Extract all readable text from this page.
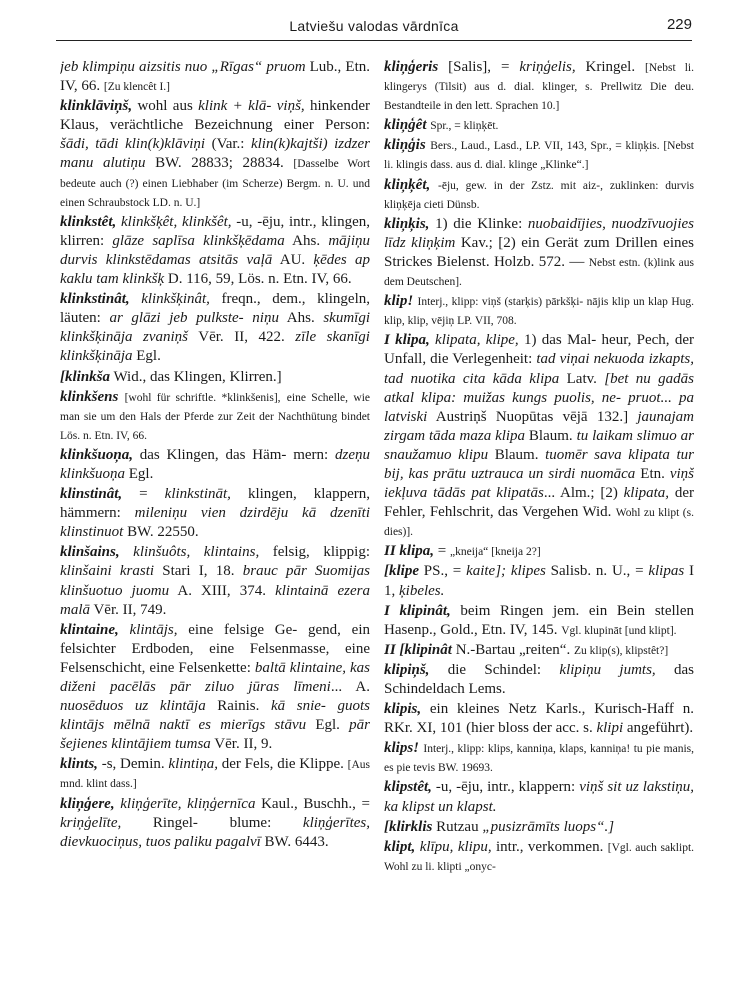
Latviešu valodas vārdnīca	229

jeb klimpiņu aizsitis nuo „Rīgas“ pruom Lub., Etn. IV, 66. [Zu klencêt I.]

klinklāviņš, wohl aus klink + klā- viņš, hinkender Klaus, verächtliche Bezeichnung einer Person: šādi, tādi klin(k)klāviņi (Var.: klin(k)kajtši) izdzer manu alutiņu BW. 28833; 28834. [Dasselbe Wort bedeute auch (?) einen Liebhaber (im Scherze) Bergm. n. U. und einen Schraubstock LD. n. U.]

klinkstêt, klinkšķêt, klinkšêt, -u, -ēju, intr., klingen, klirren: glāze saplīsa klinkšķēdama Ahs. mājiņu durvis klinkstēdamas atsitās vaļā AU. ķēdes ap kaklu tam klinkšķ D. 116, 59, Lös. n. Etn. IV, 66.

klinkstinât, klinkšķinât, freqn., dem., klingeln, läuten: ar glāzi jeb pulkste- niņu Ahs. skumīgi klinkšķināja zvaniņš Vēr. II, 422. zīle skanīgi klinkšķināja Egl.

[klinkša Wid., das Klingen, Klirren.]

klinkšens [wohl für schriftle. *klinkšenis], eine Schelle, wie man sie um den Hals der Pferde zur Zeit der Nachthütung bindet Lös. n. Etn. IV, 66.

klinkšuoņa, das Klingen, das Häm- mern: dzeņu klinkšuoņa Egl.

klinstinât, = klinkstināt, klingen, klappern, hämmern: mileniņu vien dzirdēju kā dzenīti klinstinuot BW. 22550.

klinšains, klinšuôts, klintains, felsig, klippig: klinšaini krasti Stari I, 18. brauc pār Suomijas klinšuotuo juomu A. XIII, 374. klintainā ezera malā Vēr. II, 749.

klintaine, klintājs, eine felsige Ge- gend, ein felsichter Erdboden, eine Felsenmasse, eine Felsenschicht, eine Felsenkette: baltā klintaine, kas diženi pacēlās pār ziluo jūras līmeni... A. nuosēduos uz klintāja Rainis. kā snie- guots klintājs mēlnā naktī es mierīgs stāvu Egl. pār šejienes klintājiem tumsa Vēr. II, 9.

klints, -s, Demin. klintiņa, der Fels, die Klippe. [Aus mnd. klint dass.]

kliņģere, kliņģerīte, kliņģernīca Kaul., Buschh., = kriņģelīte, Ringel- blume: kliņģerītes, dievkuociņus, tuos paliku pagalvī BW. 6443.

kliņģeris [Salis], = kriņģelis, Kringel. [Nebst li. klingerys (Tilsit) aus d. dial. klinger, s. Prellwitz Die deu. Bestandteile in den lett. Sprachen 10.]

kliņģêt Spr., = kliņķēt.

kliņģis Bers., Laud., Lasd., LP. VII, 143, Spr., = kliņķis. [Nebst li. klingis dass. aus d. dial. klinge „Klinke“.]

kliņķêt, -ēju, gew. in der Zstz. mit aiz-, zuklinken: durvis kliņķēja cieti Dünsb.

kliņķis, 1) die Klinke: nuobaidījies, nuodzīvuojies līdz kliņķim Kav.; [2) ein Gerät zum Drillen eines Strickes Bielenst. Holzb. 572. — Nebst estn. (k)link aus dem Deutschen].

klip! Interj., klipp: viņš (starķis) pārkšķi- nājis klip un klap Hug. klip, klip, vējiņ LP. VII, 708.

I klipa, klipata, klipe, 1) das Mal- heur, Pech, der Unfall, die Verlegenheit: tad viņai nekuoda izkapts, tad nuotika cita kāda klipa Latv. [bet nu gadās atkal klipa: muižas kungs puolis, ne- pruot... pa latviski Austriņš Nuopūtas vējā 132.] jaunajam zirgam tāda maza klipa Blaum. tu laikam slimuo ar snaužamuo klipu Blaum. tuomēr sava klipata tur bij, kas prātu uztrauca un sirdi nuomāca Etn. viņš iekļuva tādās pat klipatās... Alm.; [2) klipata, der Fehler, Fehlschrit, das Vergehen Wid. Wohl zu klipt (s. dies)].

II klipa, = „kneija“ [kneija 2?]

[klipe PS., = kaite]; klipes Salisb. n. U., = klipas I 1, ķibeles.

I klipinât, beim Ringen jem. ein Bein stellen Hasenp., Gold., Etn. IV, 145. Vgl. klupināt [und klipt].

II [klipinât N.-Bartau „reiten“. Zu klip(s), klipstêt?]

klipiņš, die Schindel: klipiņu jumts, das Schindeldach Lems.

klipis, ein kleines Netz Karls., Kurisch-Haff n. RKr. XI, 101 (hier bloss der acc. s. klipi angeführt).

klips! Interj., klipp: klips, kanniņa, klaps, kanniņa! tu pie manis, es pie tevis BW. 19693.

klipstêt, -u, -ēju, intr., klappern: viņš sit uz lakstiņu, ka klipst un klapst.

[klirklis Rutzau „pusizrāmīts luops“.]

klipt, klīpu, klipu, intr., verkommen. [Vgl. auch saklipt. Wohl zu li. klipti „onyc-
